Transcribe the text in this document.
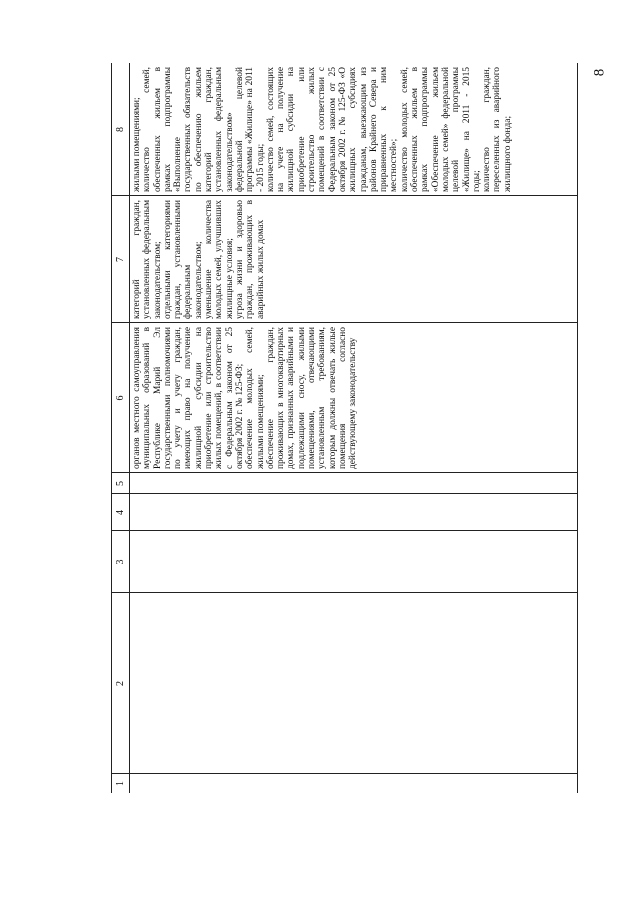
8
1
2
3
4
5
6
7
8
органов местного самоуправления муниципальных образований в Республике Марий Эл государственными полномочиями по учету и учету граждан, имеющих право на получение жилищной субсидии на приобретение или строительство жилых помещений, в соответствии с Федеральным законом от 25 октября 2002 г. № 125-ФЗ;
обеспечение молодых семей, жилыми помещениями;
обеспечение граждан, проживающих в многоквартирных домах, признанных аварийными и подлежащими сносу, жилыми помещениями, отвечающими установленным требованиям, которым должны отвечать жилые помещения согласно действующему законодательству
категорий граждан, установленных федеральным законодательством;
отдельными категориями граждан, установленными федеральным законодательством;
уменьшение количества молодых семей, улучшивших жилищные условия;
угроза жизни и здоровью граждан, проживающих в аварийных жилых домах
жилыми помещениями;
количество семей, обеспеченных жильем в рамках подпрограммы «Выполнение государственных обязательств по обеспечению жильем категорий граждан, установленных федеральным законодательством» федеральной целевой программы «Жилище» на 2011 - 2015 годы;
количество семей, состоящих на учете на получение жилищной субсидии на приобретение или строительство жилых помещений в соответствии с Федеральным законом от 25 октября 2002 г. № 125-ФЗ «О жилищных субсидиях гражданам, выезжающим из районов Крайнего Севера и приравненных к ним местностей»;
количество молодых семей, обеспеченных жильем в рамках подпрограммы «Обеспечение жильем молодых семей» федеральной целевой программы «Жилище» на 2011 - 2015 годы;
количество граждан, переселенных из аварийного жилищного фонда;
